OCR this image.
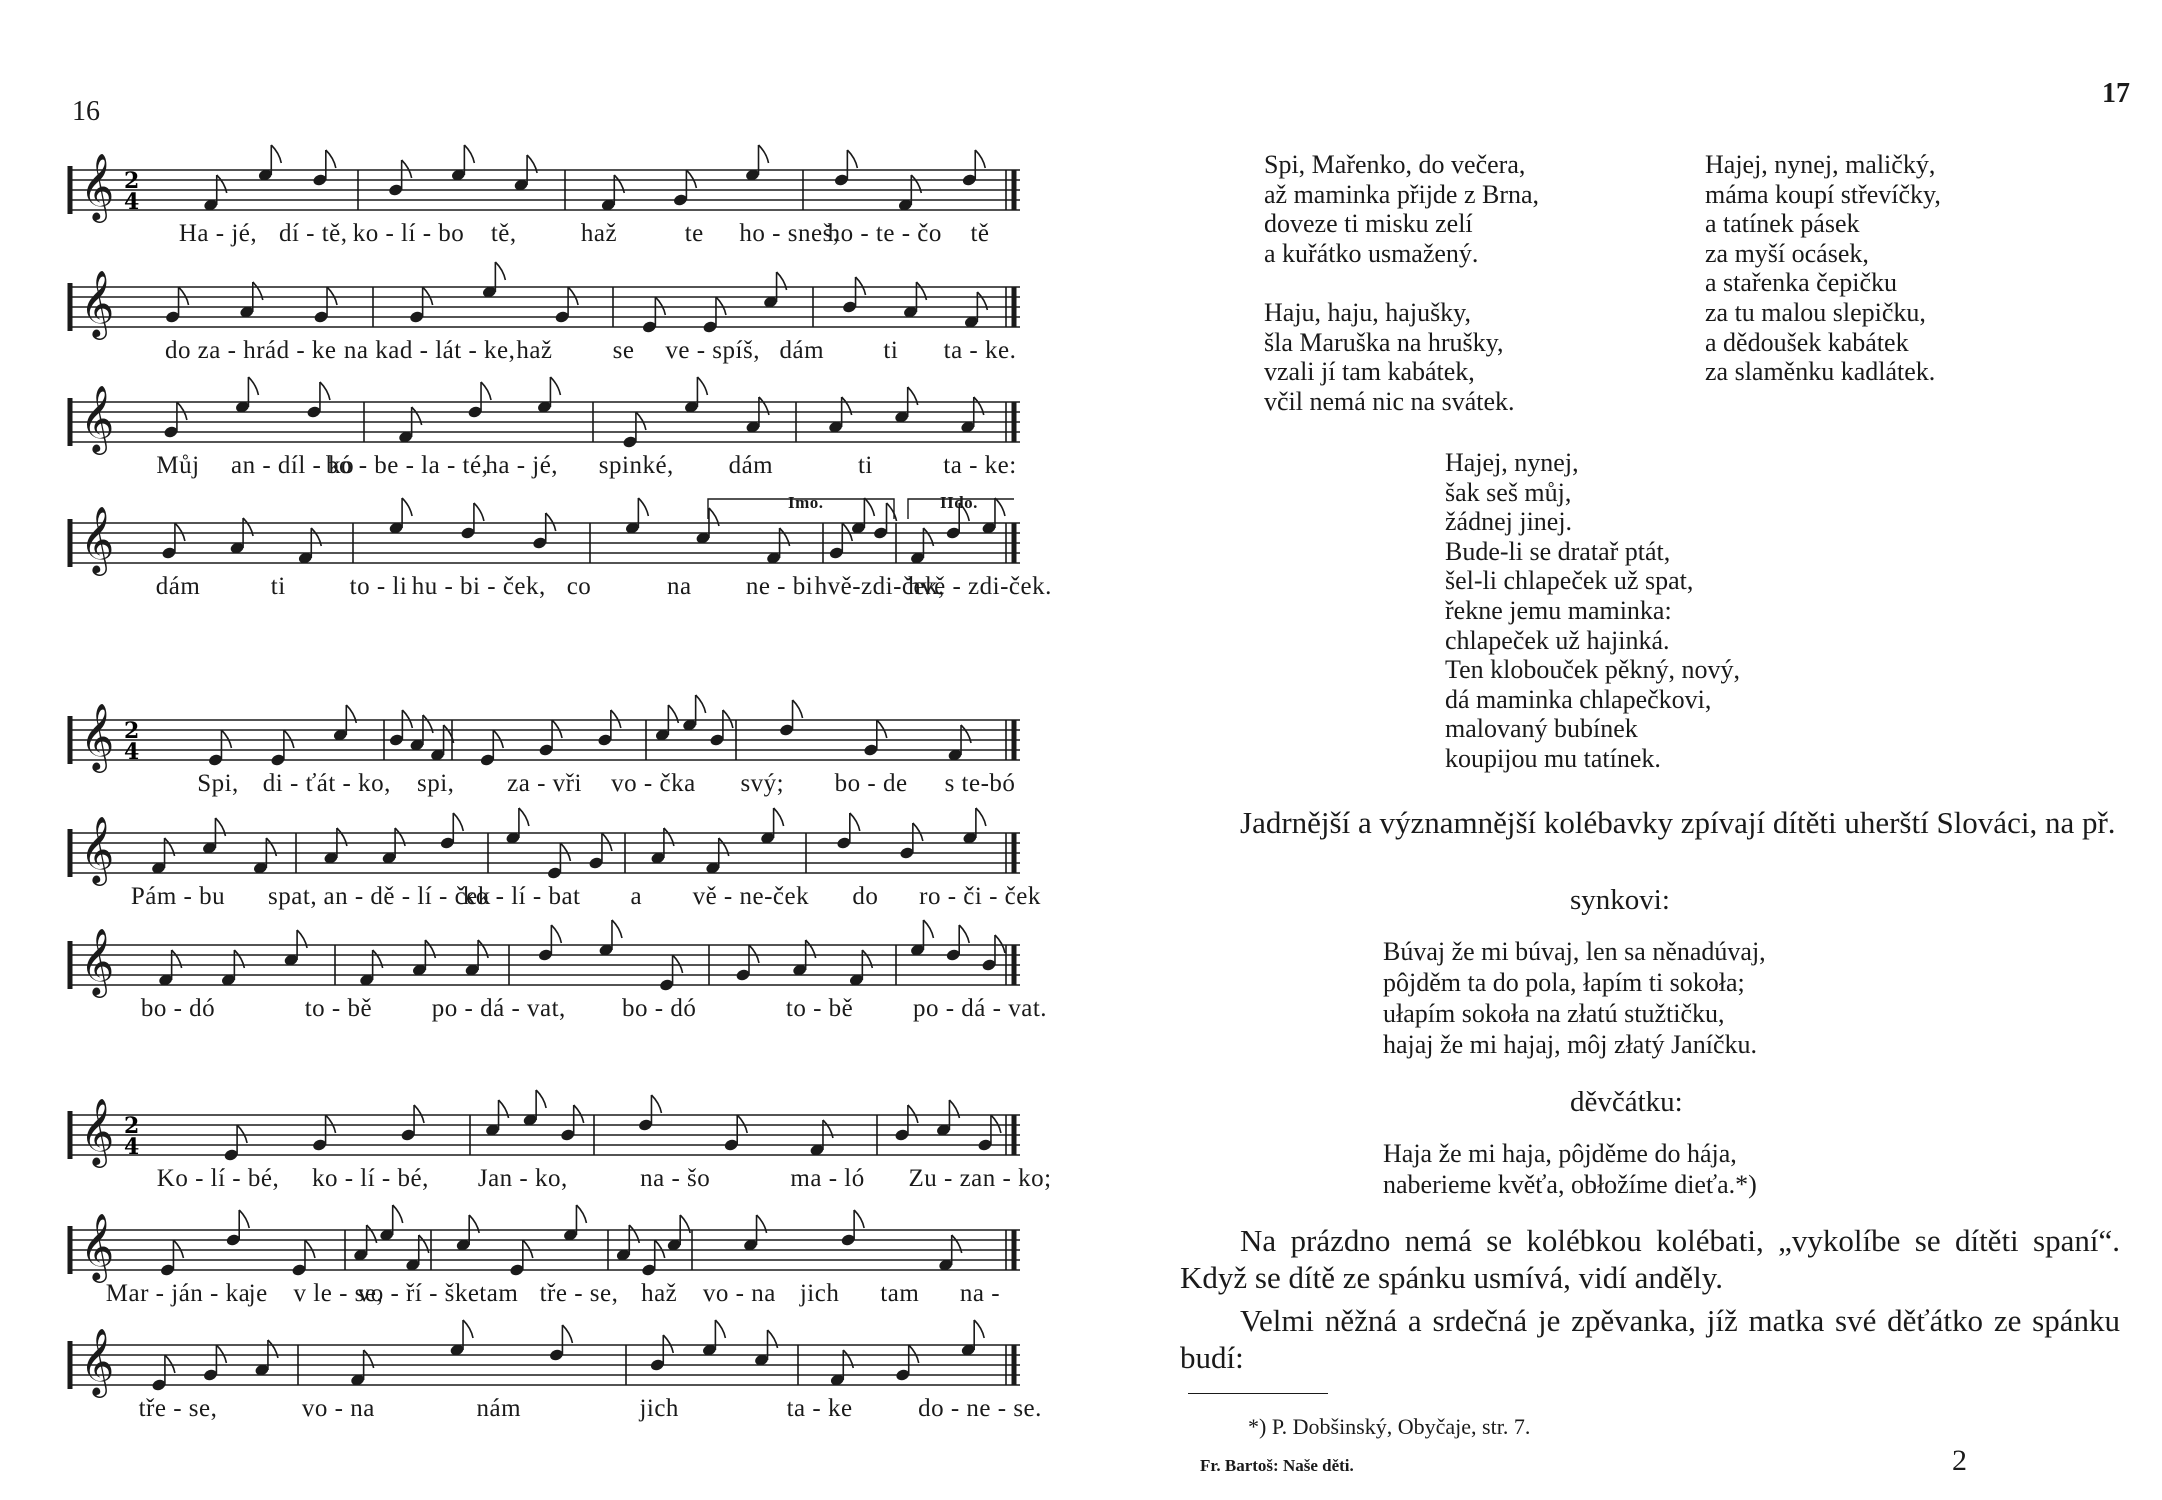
16
𝄞 2
4
Ha - jé, dí - tě, ko - lí - bo tě,	haž	te ho - sneš,
ho - te - čo tě
𝄞
do za - hrád - ke na kad - lát - ke, haž se ve - spíš, dám ti ta - ke.
𝄞
Můj an - díl - ko
bó - be - la - té,
ha - jé, spinké, dám	ti	ta - ke:
𝄞
Imo.	IIdo.
dám	ti	to - li hu - bi - ček, co	na ne - bi hvě-zdi-ček,
hvě - zdi-ček.
𝄞 2
4
Spi, di - ťát - ko, spi, za - vři vo - čka svý; bo - de s te-bó
𝄞
Pám - bu spat, an - dě - lí - ček
ko - lí - bat a vě - ne-ček do ro - či - ček
𝄞
bo - dó	to - bě po - dá - vat, bo - dó	to - bě po - dá - vat.
𝄞 2
4
Ko - lí - bé, ko - lí - bé, Jan - ko,	na - šo	ma - ló Zu - zan - ko;
𝄞
Mar - ján - ka
je v le - se,
vo - ří - ške tam tře - se, haž vo - na jich tam na -
𝄞
tře - se,	vo - na	nám	jich	ta - ke	do - ne - se.
17
Spi, Mařenko, do večera,
až maminka přijde z Brna,
doveze ti misku zelí
a kuřátko usmažený.
Haju, haju, hajušky,
šla Maruška na hrušky,
vzali jí tam kabátek,
včil nemá nic na svátek.
Hajej, nynej, maličký,
máma koupí střevíčky,
a tatínek pásek
za myší ocásek,
a stařenka čepičku
za tu malou slepičku,
a dědoušek kabátek
za slaměnku kadlátek.
Hajej, nynej,
šak seš můj,
žádnej jinej.
Bude-li se dratař ptát,
šel-li chlapeček už spat,
řekne jemu maminka:
chlapeček už hajinká.
Ten klobouček pěkný, nový,
dá maminka chlapečkovi,
malovaný bubínek
koupijou mu tatínek.

Jadrnější a významnější kolébavky zpívají dítěti uherští Slováci, na př.

synkovi:
Búvaj že mi búvaj, len sa něnadúvaj,
pôjděm ta do pola, łapím ti sokoła;
ułapím sokoła na złatú stužtičku,
hajaj že mi hajaj, môj złatý Janíčku.
děvčátku:
Haja že mi haja, pôjděme do hája,
naberieme kvěťa, obłožíme dieťa.*)

Na prázdno nemá se kolébkou kolébati, „vykolíbe se dítěti spaní“. Když se dítě ze spánku usmívá, vidí anděly.

Velmi něžná a srdečná je zpěvanka, jíž matka své děťátko ze spánku budí:

*) P. Dobšinský, Obyčaje, str. 7.
Fr. Bartoš: Naše děti.	2
